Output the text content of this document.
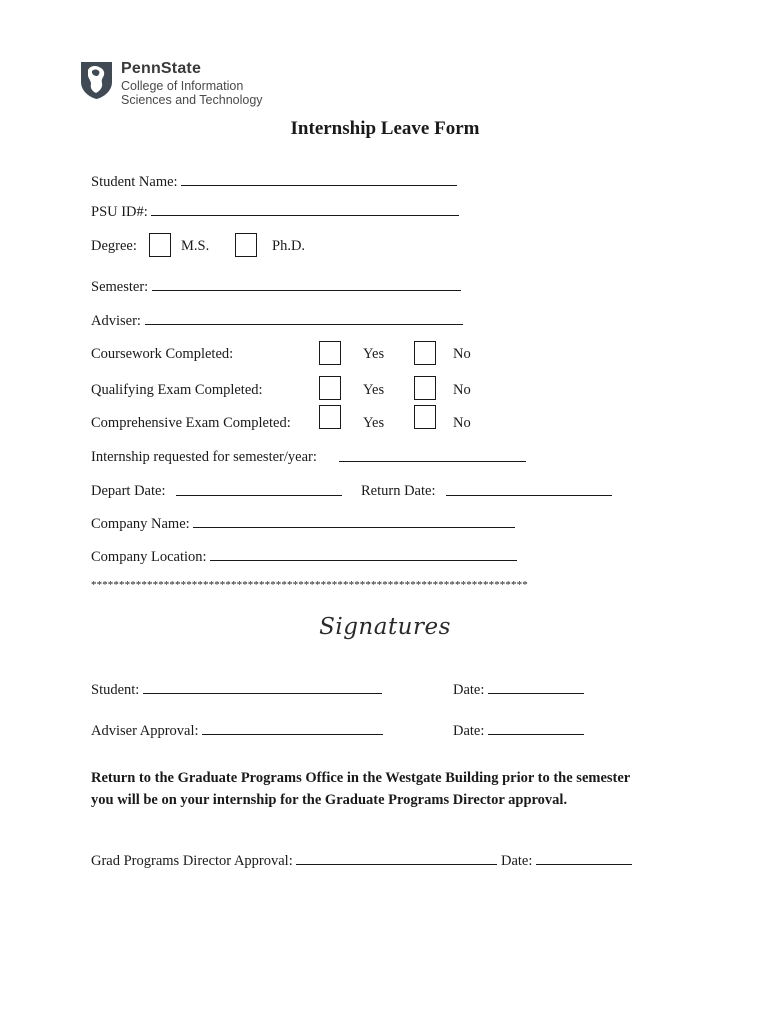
PennState
College of Information
Sciences and Technology
Internship Leave Form
Student Name:
PSU ID#:
Degree:	M.S.	Ph.D.
Semester:
Adviser:
Coursework Completed:	Yes	No
Qualifying Exam Completed:	Yes	No
Comprehensive Exam Completed:	Yes	No
Internship requested for semester/year:
Depart Date:	Return Date:
Company Name:
Company Location:
******************************************************************************
Signatures
Student:	Date:
Adviser Approval:	Date:
Return to the Graduate Programs Office in the Westgate Building prior to the semester
you will be on your internship for the Graduate Programs Director approval.
Grad Programs Director Approval:	Date:
